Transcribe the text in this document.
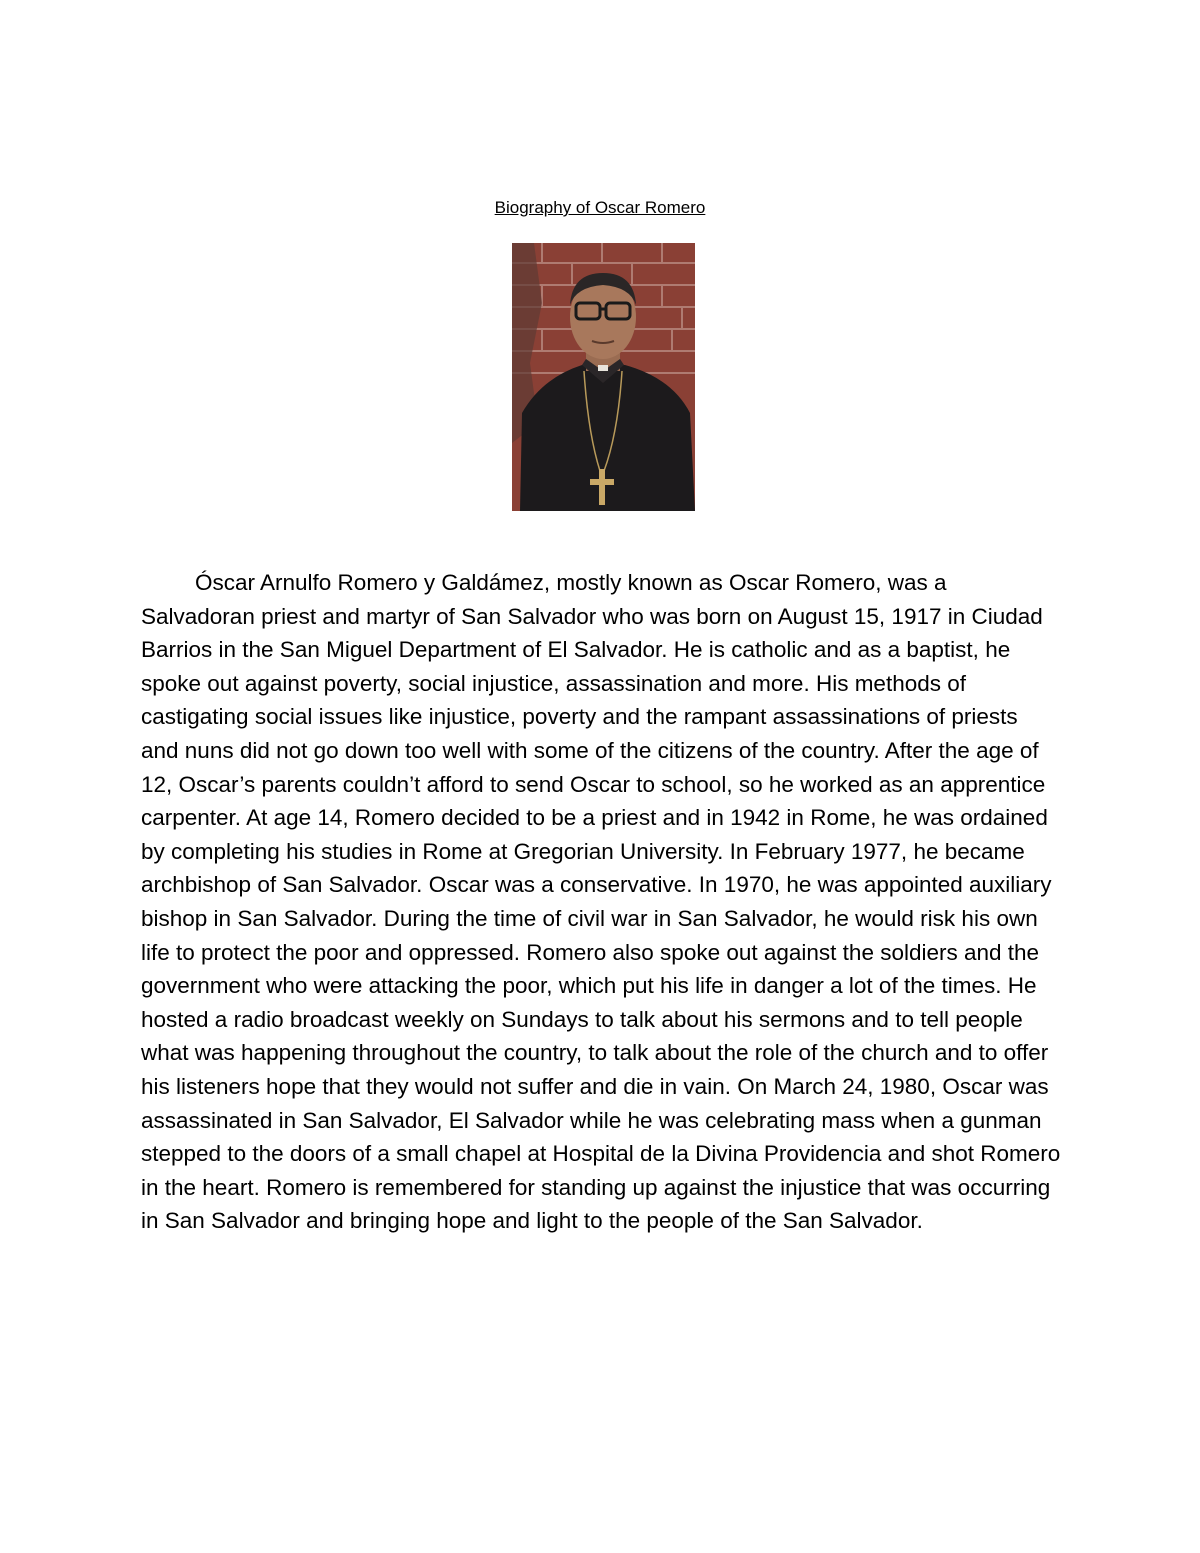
Biography of Oscar Romero

Óscar Arnulfo Romero y Galdámez, mostly known as Oscar Romero, was a Salvadoran priest and martyr of San Salvador who was born on August 15, 1917 in Ciudad Barrios in the San Miguel Department of El Salvador. He is catholic and as a baptist, he spoke out against poverty, social injustice, assassination and more. His methods of castigating social issues like injustice, poverty and the rampant assassinations of priests and nuns did not go down too well with some of the citizens of the country. After the age of 12, Oscar’s parents couldn’t afford to send Oscar to school, so he worked as an apprentice carpenter. At age 14, Romero decided to be a priest and in 1942 in Rome, he was ordained by completing his studies in Rome at Gregorian University. In February 1977, he became archbishop of San Salvador. Oscar was a conservative. In 1970, he was appointed auxiliary bishop in San Salvador. During the time of civil war in San Salvador, he would risk his own life to protect the poor and oppressed. Romero also spoke out against the soldiers and the government who were attacking the poor, which put his life in danger a lot of the times. He hosted a radio broadcast weekly on Sundays to talk about his sermons and to tell people what was happening throughout the country, to talk about the role of the church and to offer his listeners hope that they would not suffer and die in vain. On March 24, 1980, Oscar was assassinated in San Salvador, El Salvador while he was celebrating mass when a gunman stepped to the doors of a small chapel at Hospital de la Divina Providencia and shot Romero in the heart. Romero is remembered for standing up against the injustice that was occurring in San Salvador and bringing hope and light to the people of the San Salvador.
